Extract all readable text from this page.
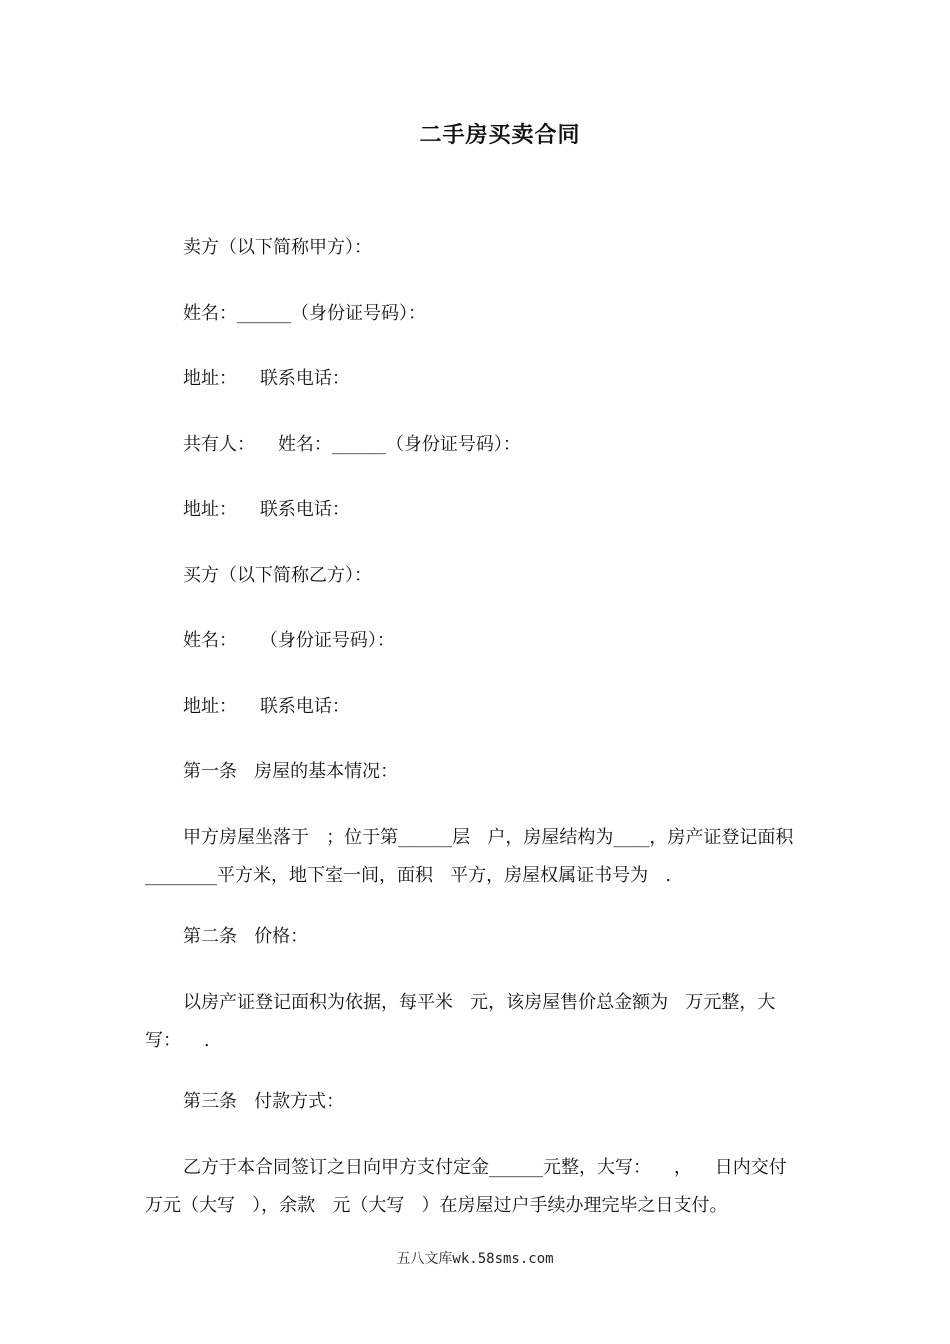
二手房买卖合同
卖方（以下简称甲方）：
姓名：______（身份证号码）：
地址：    联系电话：
共有人：    姓名：______（身份证号码）：
地址：    联系电话：
买方（以下简称乙方）：
姓名：    （身份证号码）：
地址：    联系电话：
第一条   房屋的基本情况：
甲方房屋坐落于   ；位于第______层   户，房屋结构为____，房产证登记面积________平方米，地下室一间，面积   平方，房屋权属证书号为   .
第二条   价格：
以房产证登记面积为依据，每平米   元，该房屋售价总金额为   万元整，大写：    .
第三条   付款方式：
乙方于本合同签订之日向甲方支付定金______元整，大写：    ，    日内交付   万元（大写   ），余款   元（大写   ）在房屋过户手续办理完毕之日支付。
五八文库wk.58sms.com
